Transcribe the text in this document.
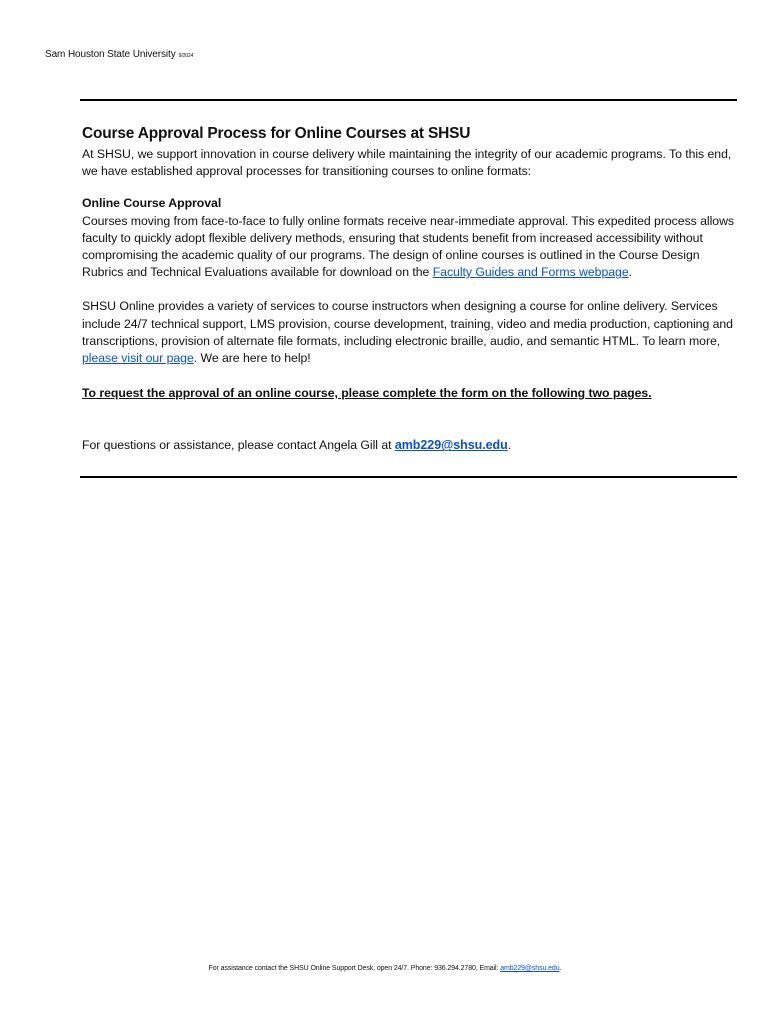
Sam Houston State University 9/2024
Course Approval Process for Online Courses at SHSU

At SHSU, we support innovation in course delivery while maintaining the integrity of our academic programs. To this end, we have established approval processes for transitioning courses to online formats:

Online Course Approval

Courses moving from face-to-face to fully online formats receive near-immediate approval. This expedited process allows faculty to quickly adopt flexible delivery methods, ensuring that students benefit from increased accessibility without compromising the academic quality of our programs. The design of online courses is outlined in the Course Design Rubrics and Technical Evaluations available for download on the Faculty Guides and Forms webpage.

SHSU Online provides a variety of services to course instructors when designing a course for online delivery. Services include 24/7 technical support, LMS provision, course development, training, video and media production, captioning and transcriptions, provision of alternate file formats, including electronic braille, audio, and semantic HTML. To learn more, please visit our page. We are here to help!

To request the approval of an online course, please complete the form on the following two pages.

For questions or assistance, please contact Angela Gill at amb229@shsu.edu.

For assistance contact the SHSU Online Support Desk, open 24/7. Phone: 936.294.2780, Email: amb229@shsu.edu.
